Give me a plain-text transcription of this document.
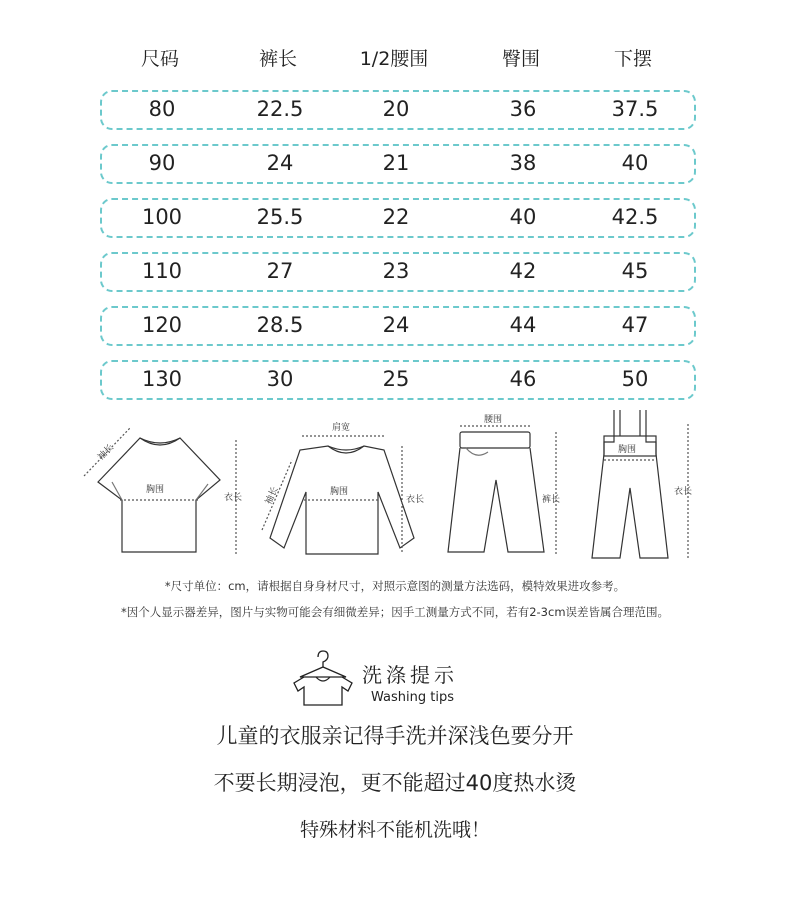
尺码	裤长	1/2腰围	臀围	下摆
80	22.5	20	36	37.5
90	24	21	38	40
100	25.5	22	40	42.5
110	27	23	42	45
120	28.5	24	44	47
130	30	25	46	50
袖长
胸围
衣长
肩宽
袖长	胸围
衣长
腰围
裤长
胸围
衣长
*尺寸单位：cm，请根据自身身材尺寸，对照示意图的测量方法选码，模特效果进攻参考。
*因个人显示器差异，图片与实物可能会有细微差异；因手工测量方式不同，若有2-3cm误差皆属合理范围。
洗涤提示
Washing tips
儿童的衣服亲记得手洗并深浅色要分开
不要长期浸泡，更不能超过40度热水烫
特殊材料不能机洗哦！
